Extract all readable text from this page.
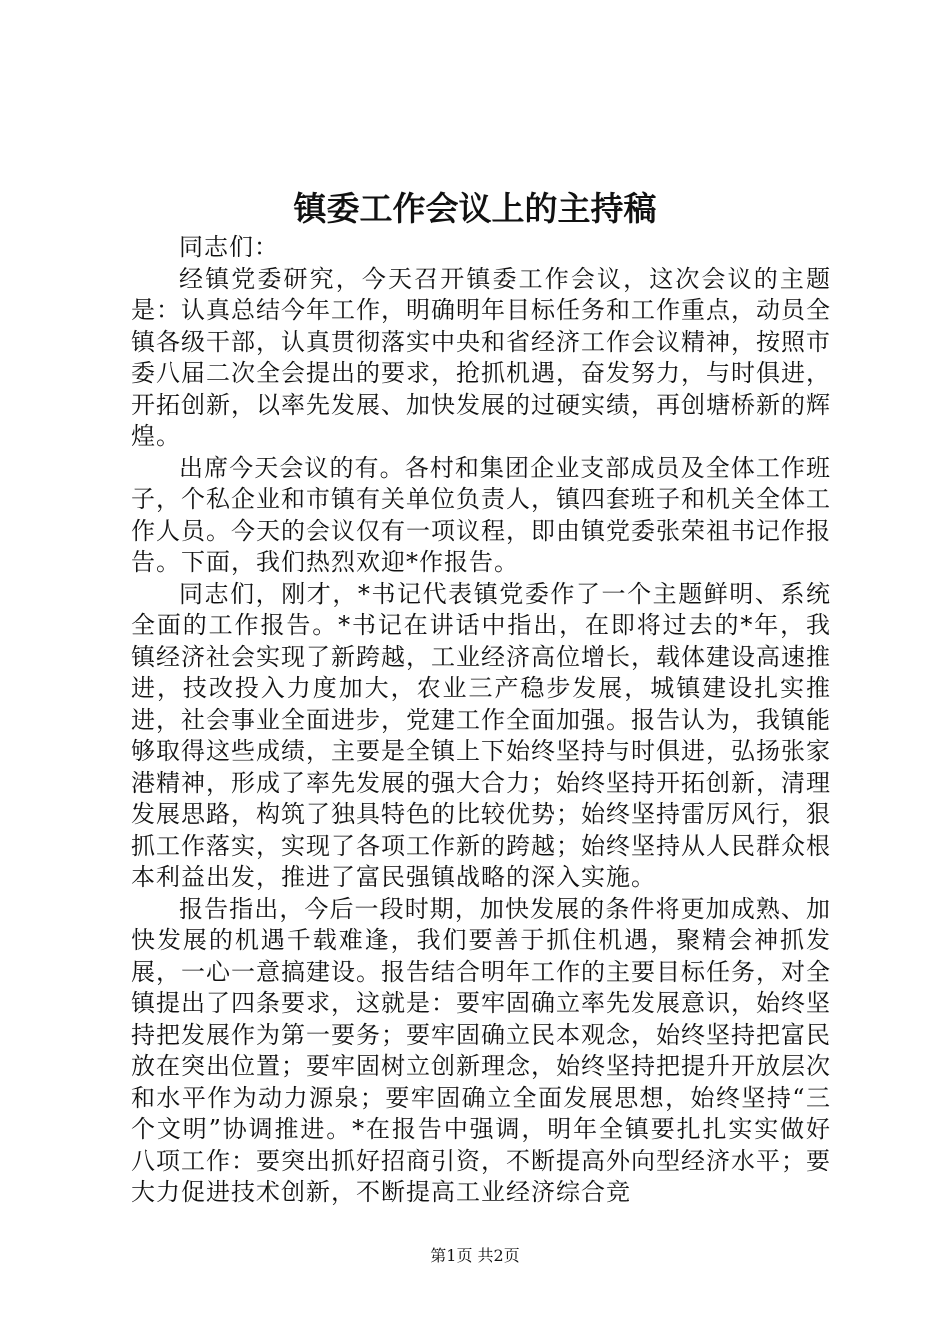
镇委工作会议上的主持稿

同志们：

经镇党委研究，今天召开镇委工作会议，这次会议的主题是：认真总结今年工作，明确明年目标任务和工作重点，动员全镇各级干部，认真贯彻落实中央和省经济工作会议精神，按照市委八届二次全会提出的要求，抢抓机遇，奋发努力，与时俱进，开拓创新，以率先发展、加快发展的过硬实绩，再创塘桥新的辉煌。

出席今天会议的有。各村和集团企业支部成员及全体工作班子，个私企业和市镇有关单位负责人，镇四套班子和机关全体工作人员。今天的会议仅有一项议程，即由镇党委张荣祖书记作报告。下面，我们热烈欢迎*作报告。

同志们，刚才，*书记代表镇党委作了一个主题鲜明、系统全面的工作报告。*书记在讲话中指出，在即将过去的*年，我镇经济社会实现了新跨越，工业经济高位增长，载体建设高速推进，技改投入力度加大，农业三产稳步发展，城镇建设扎实推进，社会事业全面进步，党建工作全面加强。报告认为，我镇能够取得这些成绩，主要是全镇上下始终坚持与时俱进，弘扬张家港精神，形成了率先发展的强大合力；始终坚持开拓创新，清理发展思路，构筑了独具特色的比较优势；始终坚持雷厉风行，狠抓工作落实，实现了各项工作新的跨越；始终坚持从人民群众根本利益出发，推进了富民强镇战略的深入实施。

报告指出，今后一段时期，加快发展的条件将更加成熟、加快发展的机遇千载难逢，我们要善于抓住机遇，聚精会神抓发展，一心一意搞建设。报告结合明年工作的主要目标任务，对全镇提出了四条要求，这就是：要牢固确立率先发展意识，始终坚持把发展作为第一要务；要牢固确立民本观念，始终坚持把富民放在突出位置；要牢固树立创新理念，始终坚持把提升开放层次和水平作为动力源泉；要牢固确立全面发展思想，始终坚持“三个文明”协调推进。*在报告中强调，明年全镇要扎扎实实做好八项工作：要突出抓好招商引资，不断提高外向型经济水平；要大力促进技术创新，不断提高工业经济综合竞

第1页 共2页
